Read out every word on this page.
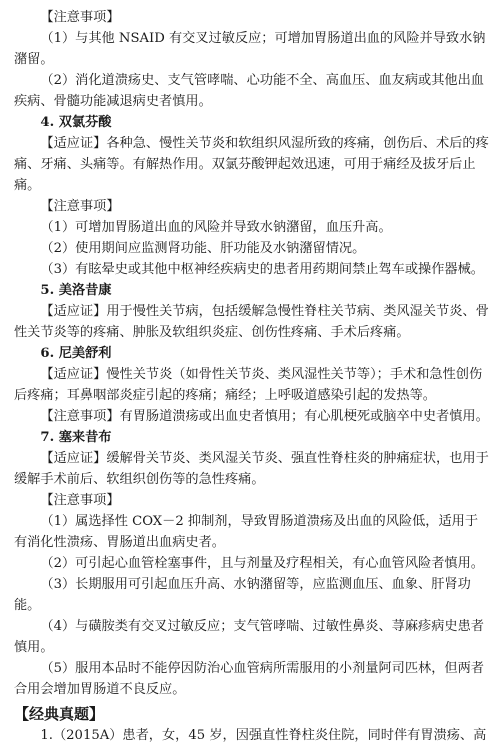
【注意事项】

（1）与其他 NSAID 有交叉过敏反应；可增加胃肠道出血的风险并导致水钠潴留。

（2）消化道溃疡史、支气管哮喘、心功能不全、高血压、血友病或其他出血疾病、骨髓功能减退病史者慎用。

4. 双氯芬酸

【适应证】各种急、慢性关节炎和软组织风湿所致的疼痛，创伤后、术后的疼痛、牙痛、头痛等。有解热作用。双氯芬酸钾起效迅速，可用于痛经及拔牙后止痛。

【注意事项】

（1）可增加胃肠道出血的风险并导致水钠潴留，血压升高。

（2）使用期间应监测肾功能、肝功能及水钠潴留情况。

（3）有眩晕史或其他中枢神经疾病史的患者用药期间禁止驾车或操作器械。

5. 美洛昔康

【适应证】用于慢性关节病，包括缓解急慢性脊柱关节病、类风湿关节炎、骨性关节炎等的疼痛、肿胀及软组织炎症、创伤性疼痛、手术后疼痛。

6. 尼美舒利

【适应证】慢性关节炎（如骨性关节炎、类风湿性关节等）；手术和急性创伤后疼痛；耳鼻咽部炎症引起的疼痛；痛经；上呼吸道感染引起的发热等。

【注意事项】有胃肠道溃疡或出血史者慎用；有心肌梗死或脑卒中史者慎用。

7. 塞来昔布

【适应证】缓解骨关节炎、类风湿关节炎、强直性脊柱炎的肿痛症状，也用于缓解手术前后、软组织创伤等的急性疼痛。

【注意事项】

（1）属选择性 COX－2 抑制剂，导致胃肠道溃疡及出血的风险低，适用于有消化性溃疡、胃肠道出血病史者。

（2）可引起心血管栓塞事件，且与剂量及疗程相关，有心血管风险者慎用。

（3）长期服用可引起血压升高、水钠潴留等，应监测血压、血象、肝肾功能。

（4）与磺胺类有交叉过敏反应；支气管哮喘、过敏性鼻炎、荨麻疹病史患者慎用。

（5）服用本品时不能停因防治心血管病所需服用的小剂量阿司匹林，但两者合用会增加胃肠道不良反应。

【经典真题】

1.（2015A）患者，女，45 岁，因强直性脊柱炎住院，同时伴有胃溃疡、高
